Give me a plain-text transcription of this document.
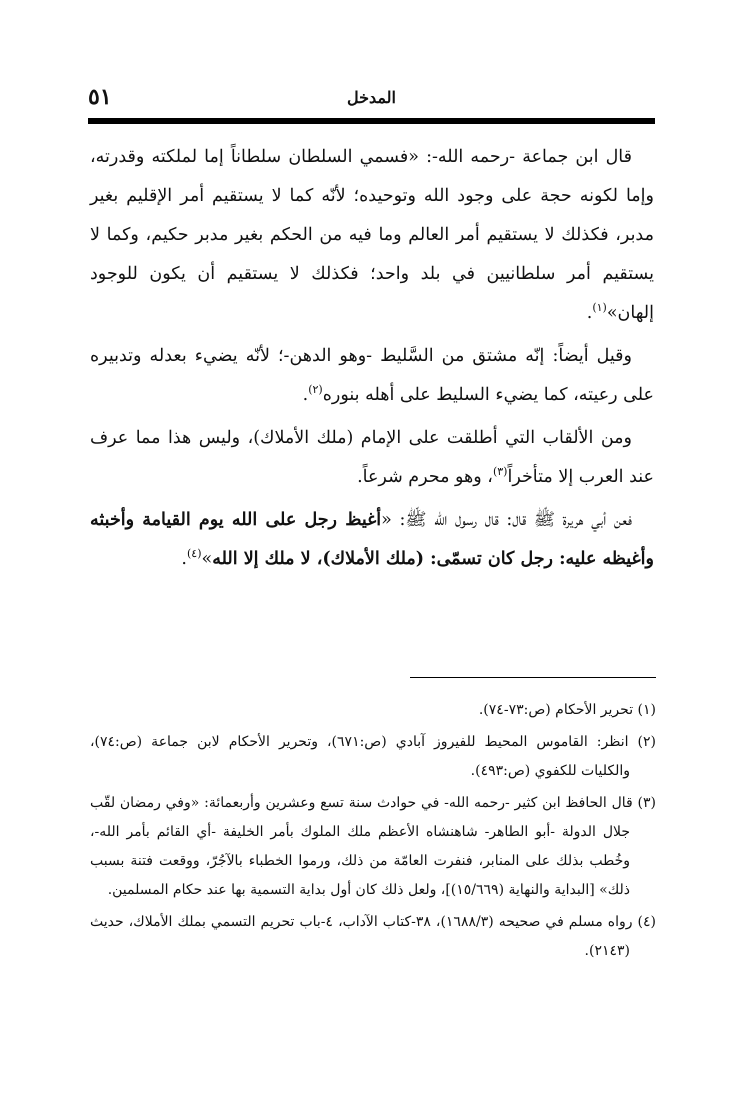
٥١	المدخل

قال ابن جماعة -رحمه الله-: «فسمي السلطان سلطاناً إما لملكته وقدرته، وإما لكونه حجة على وجود الله وتوحيده؛ لأنّه كما لا يستقيم أمر الإقليم بغير مدبر، فكذلك لا يستقيم أمر العالم وما فيه من الحكم بغير مدبر حكيم، وكما لا يستقيم أمر سلطانيين في بلد واحد؛ فكذلك لا يستقيم أن يكون للوجود إلهان»$^{(١)}$.

وقيل أيضاً: إنّه مشتق من السَّليط -وهو الدهن-؛ لأنّه يضيء بعدله وتدبيره على رعيته، كما يضيء السليط على أهله بنوره$^{(٢)}$.

ومن الألقاب التي أطلقت على الإمام (ملك الأملاك)، وليس هذا مما عرف عند العرب إلا متأخراً$^{(٣)}$، وهو محرم شرعاً.

فعن أبي هريرة ﷺ قال: قال رسول الله ﷺ: «أغيظ رجل على الله يوم القيامة وأخبثه وأغيظه عليه: رجل كان تسمّى: (ملك الأملاك)، لا ملك إلا الله»$^{(٤)}$.

(١) تحرير الأحكام (ص:٧٣-٧٤).

(٢) انظر: القاموس المحيط للفيروز آبادي (ص:٦٧١)، وتحرير الأحكام لابن جماعة (ص:٧٤)، والكليات للكفوي (ص:٤٩٣).

(٣) قال الحافظ ابن كثير -رحمه الله- في حوادث سنة تسع وعشرين وأربعمائة: «وفي رمضان لقّب جلال الدولة -أبو الطاهر- شاهنشاه الأعظم ملك الملوك بأمر الخليفة -أي القائم بأمر الله-، وخُطب بذلك على المنابر، فنفرت العامّة من ذلك، ورموا الخطباء بالآجُرّ، ووقعت فتنة بسبب ذلك» [البداية والنهاية (١٥/٦٦٩)]، ولعل ذلك كان أول بداية التسمية بها عند حكام المسلمين.

(٤) رواه مسلم في صحيحه (١٦٨٨/٣)، ٣٨-كتاب الآداب، ٤-باب تحريم التسمي بملك الأملاك، حديث (٢١٤٣).
